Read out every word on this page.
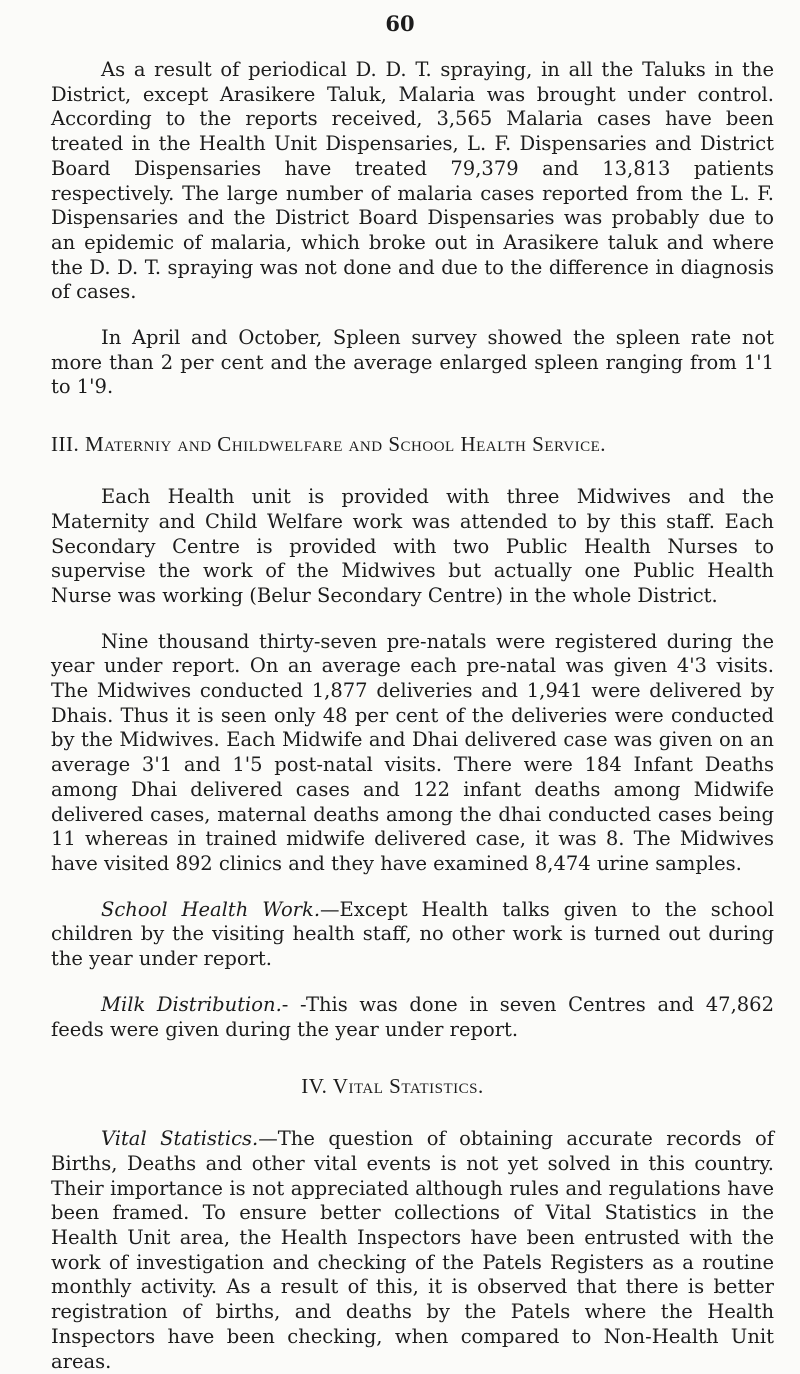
60

As a result of periodical D. D. T. spraying, in all the Taluks in the District, except Arasikere Taluk, Malaria was brought under control. According to the reports received, 3,565 Malaria cases have been treated in the Health Unit Dispensaries, L. F. Dispensaries and District Board Dispensaries have treated 79,379 and 13,813 patients respectively. The large number of malaria cases reported from the L. F. Dispensaries and the District Board Dispensaries was probably due to an epidemic of malaria, which broke out in Arasikere taluk and where the D. D. T. spraying was not done and due to the difference in diagnosis of cases.

In April and October, Spleen survey showed the spleen rate not more than 2 per cent and the average enlarged spleen ranging from 1'1 to 1'9.

III. Materniy and Childwelfare and School Health Service.

Each Health unit is provided with three Midwives and the Maternity and Child Welfare work was attended to by this staff. Each Secondary Centre is provided with two Public Health Nurses to supervise the work of the Midwives but actually one Public Health Nurse was working (Belur Secondary Centre) in the whole District.

Nine thousand thirty-seven pre-natals were registered during the year under report. On an average each pre-natal was given 4'3 visits. The Midwives conducted 1,877 deliveries and 1,941 were delivered by Dhais. Thus it is seen only 48 per cent of the deliveries were conducted by the Midwives. Each Midwife and Dhai delivered case was given on an average 3'1 and 1'5 post-natal visits. There were 184 Infant Deaths among Dhai delivered cases and 122 infant deaths among Midwife delivered cases, maternal deaths among the dhai conducted cases being 11 whereas in trained midwife delivered case, it was 8. The Midwives have visited 892 clinics and they have examined 8,474 urine samples.

School Health Work.—Except Health talks given to the school children by the visiting health staff, no other work is turned out during the year under report.

Milk Distribution.- -This was done in seven Centres and 47,862 feeds were given during the year under report.

IV. Vital Statistics.

Vital Statistics.—The question of obtaining accurate records of Births, Deaths and other vital events is not yet solved in this country. Their importance is not appreciated although rules and regulations have been framed. To ensure better collections of Vital Statistics in the Health Unit area, the Health Inspectors have been entrusted with the work of investigation and checking of the Patels Registers as a routine monthly activity. As a result of this, it is observed that there is better registration of births, and deaths by the Patels where the Health Inspectors have been checking, when compared to Non-Health Unit areas.
